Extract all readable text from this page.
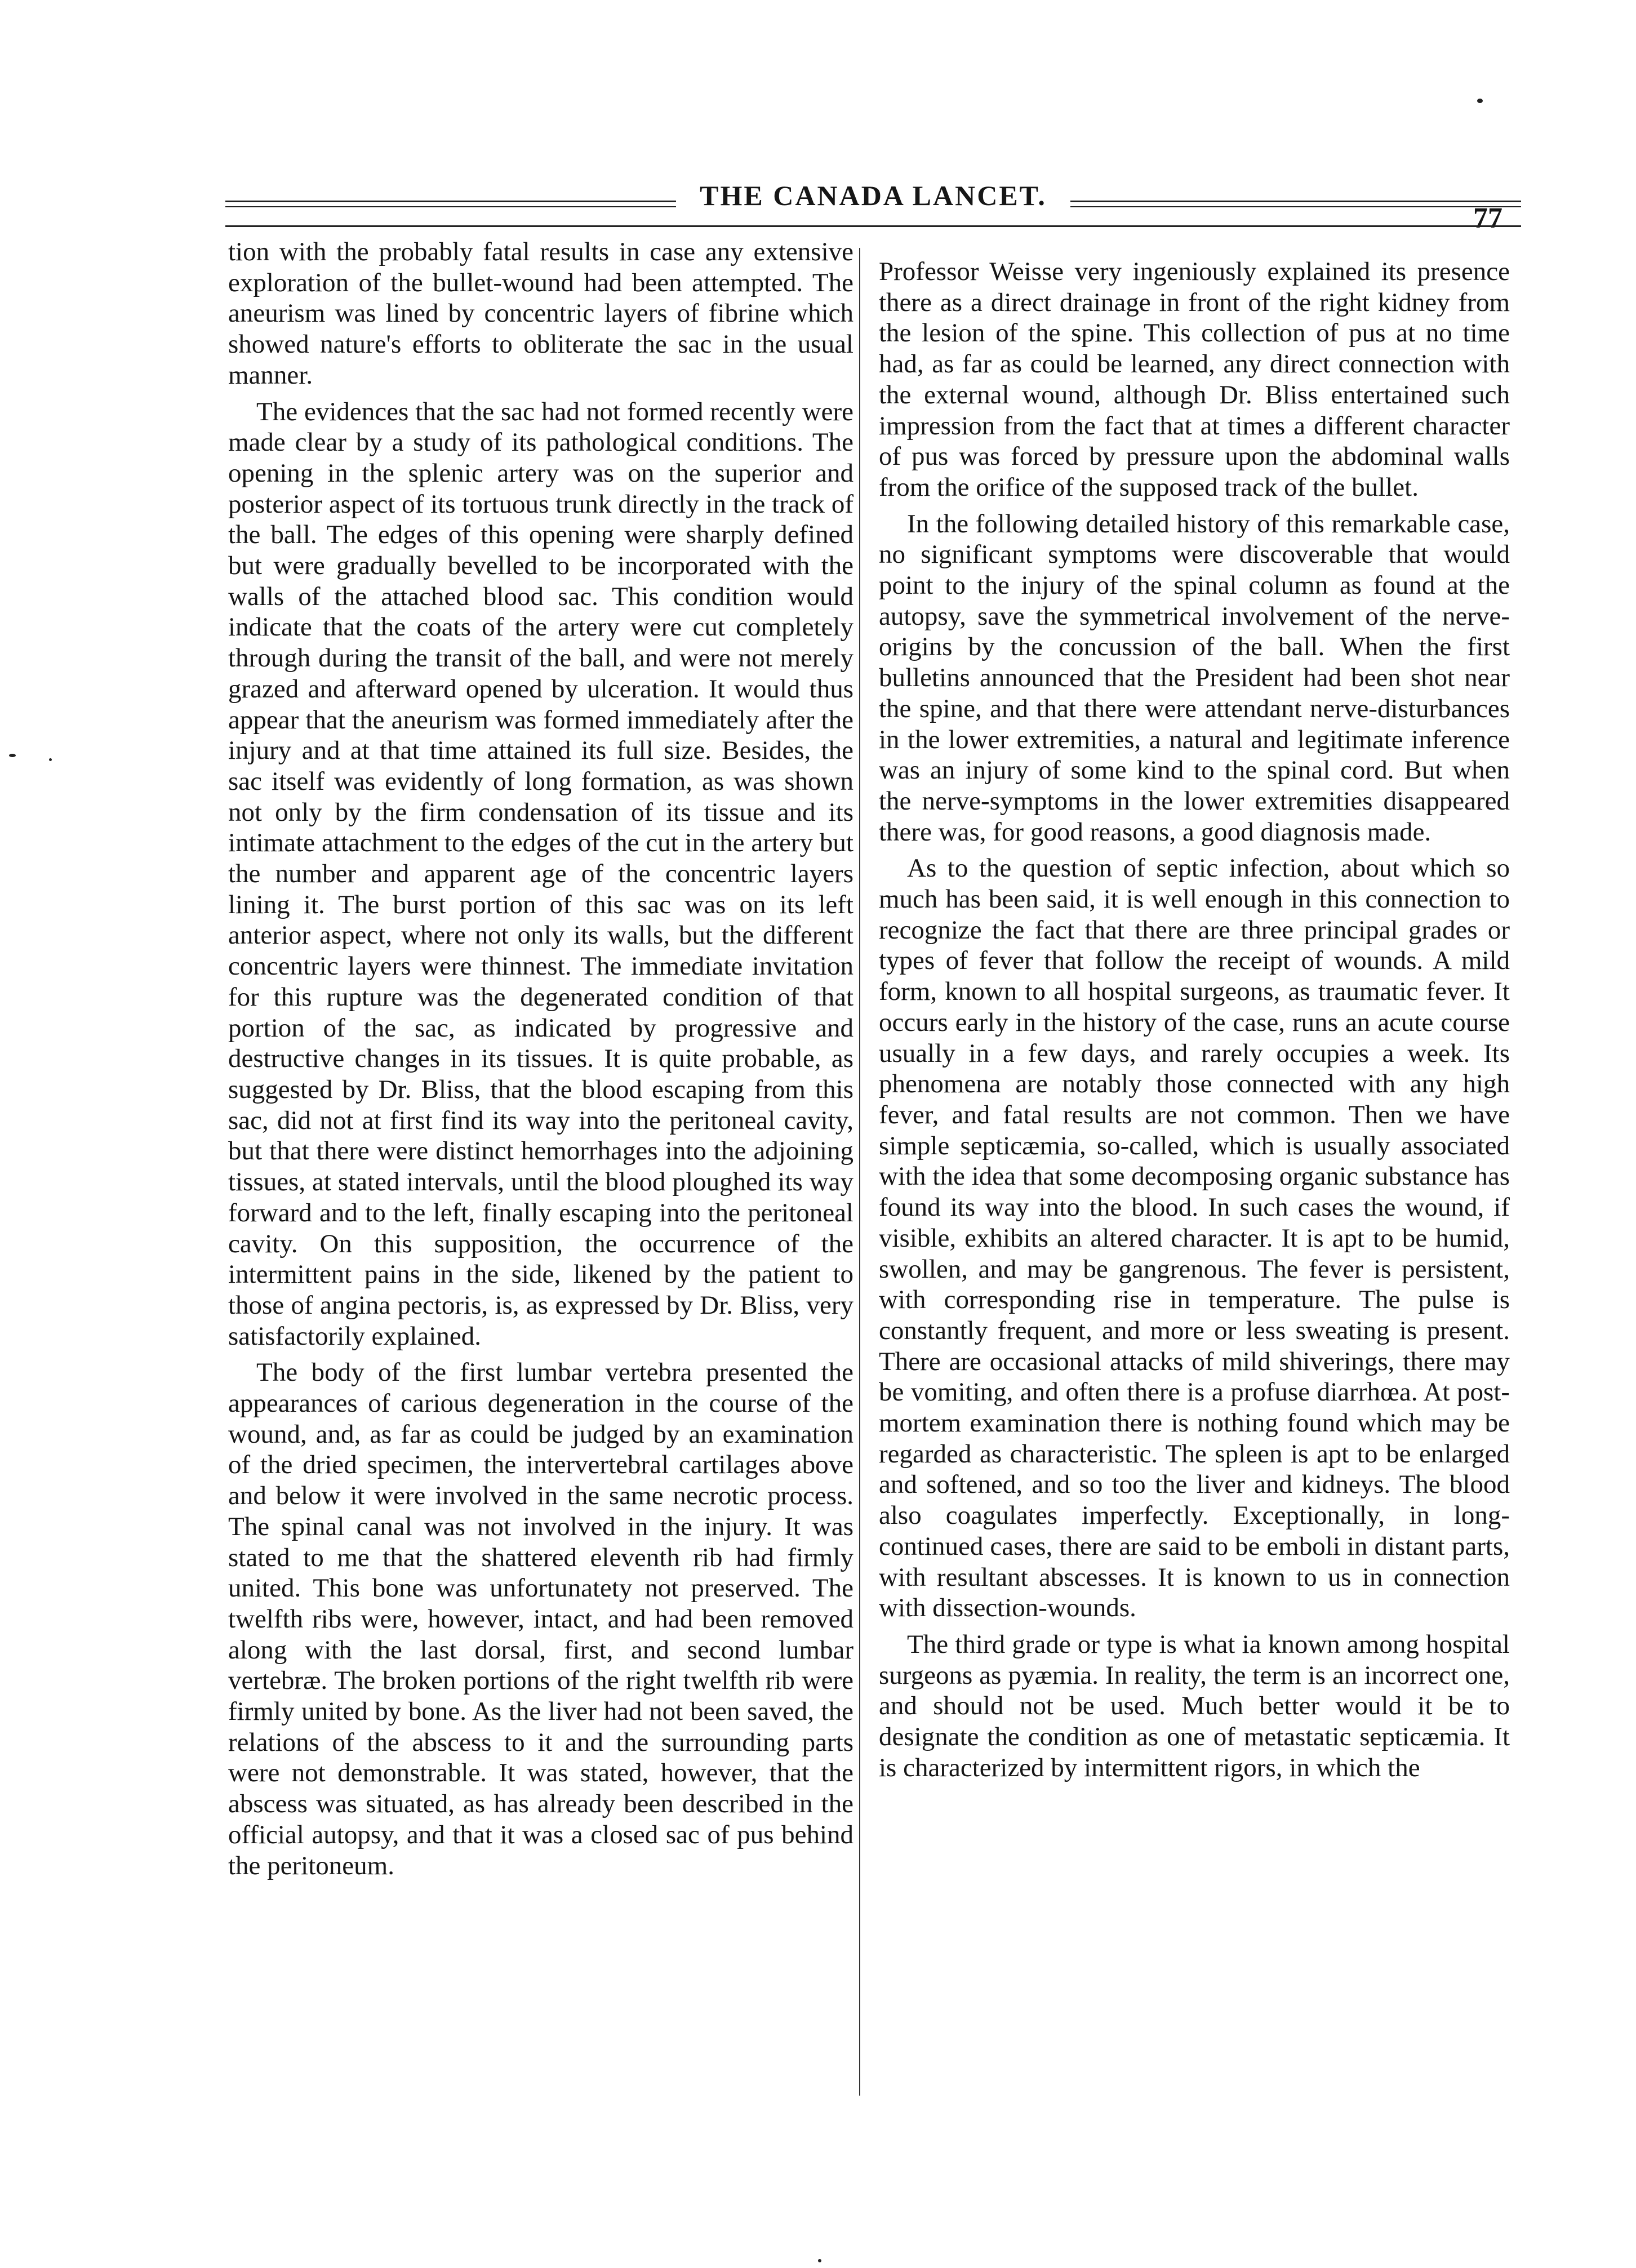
THE CANADA LANCET.
77

tion with the probably fatal results in case any extensive exploration of the bullet-wound had been attempted. The aneurism was lined by concentric layers of fibrine which showed nature's efforts to obliterate the sac in the usual manner.

The evidences that the sac had not formed recently were made clear by a study of its pathological conditions. The opening in the splenic artery was on the superior and posterior aspect of its tortuous trunk directly in the track of the ball. The edges of this opening were sharply defined but were gradually bevelled to be incorporated with the walls of the attached blood sac. This condition would indicate that the coats of the artery were cut completely through during the transit of the ball, and were not merely grazed and afterward opened by ulceration. It would thus appear that the aneurism was formed immediately after the injury and at that time attained its full size. Besides, the sac itself was evidently of long formation, as was shown not only by the firm condensation of its tissue and its intimate attachment to the edges of the cut in the artery but the number and apparent age of the concentric layers lining it. The burst portion of this sac was on its left anterior aspect, where not only its walls, but the different concentric layers were thinnest. The immediate invitation for this rupture was the degenerated condition of that portion of the sac, as indicated by progressive and destructive changes in its tissues. It is quite probable, as suggested by Dr. Bliss, that the blood escaping from this sac, did not at first find its way into the peritoneal cavity, but that there were distinct hemorrhages into the adjoining tissues, at stated intervals, until the blood ploughed its way forward and to the left, finally escaping into the peritoneal cavity. On this supposition, the occurrence of the intermittent pains in the side, likened by the patient to those of angina pectoris, is, as expressed by Dr. Bliss, very satisfactorily explained.

The body of the first lumbar vertebra presented the appearances of carious degeneration in the course of the wound, and, as far as could be judged by an examination of the dried specimen, the intervertebral cartilages above and below it were involved in the same necrotic process. The spinal canal was not involved in the injury. It was stated to me that the shattered eleventh rib had firmly united. This bone was unfortunatety not preserved. The twelfth ribs were, however, intact, and had been removed along with the last dorsal, first, and second lumbar vertebræ. The broken portions of the right twelfth rib were firmly united by bone. As the liver had not been saved, the relations of the abscess to it and the surrounding parts were not demonstrable. It was stated, however, that the abscess was situated, as has already been described in the official autopsy, and that it was a closed sac of pus behind the peritoneum.

Professor Weisse very ingeniously explained its presence there as a direct drainage in front of the right kidney from the lesion of the spine. This collection of pus at no time had, as far as could be learned, any direct connection with the external wound, although Dr. Bliss entertained such impression from the fact that at times a different character of pus was forced by pressure upon the abdominal walls from the orifice of the supposed track of the bullet.

In the following detailed history of this remarkable case, no significant symptoms were discoverable that would point to the injury of the spinal column as found at the autopsy, save the symmetrical involvement of the nerve-origins by the concussion of the ball. When the first bulletins announced that the President had been shot near the spine, and that there were attendant nerve-disturbances in the lower extremities, a natural and legitimate inference was an injury of some kind to the spinal cord. But when the nerve-symptoms in the lower extremities disappeared there was, for good reasons, a good diagnosis made.

As to the question of septic infection, about which so much has been said, it is well enough in this connection to recognize the fact that there are three principal grades or types of fever that follow the receipt of wounds. A mild form, known to all hospital surgeons, as traumatic fever. It occurs early in the history of the case, runs an acute course usually in a few days, and rarely occupies a week. Its phenomena are notably those connected with any high fever, and fatal results are not common. Then we have simple septicæmia, so-called, which is usually associated with the idea that some decomposing organic substance has found its way into the blood. In such cases the wound, if visible, exhibits an altered character. It is apt to be humid, swollen, and may be gangrenous. The fever is persistent, with corresponding rise in temperature. The pulse is constantly frequent, and more or less sweating is present. There are occasional attacks of mild shiverings, there may be vomiting, and often there is a profuse diarrhœa. At post-mortem examination there is nothing found which may be regarded as characteristic. The spleen is apt to be enlarged and softened, and so too the liver and kidneys. The blood also coagulates imperfectly. Exceptionally, in long-continued cases, there are said to be emboli in distant parts, with resultant abscesses. It is known to us in connection with dissection-wounds.

The third grade or type is what ia known among hospital surgeons as pyæmia. In reality, the term is an incorrect one, and should not be used. Much better would it be to designate the condition as one of metastatic septicæmia. It is characterized by intermittent rigors, in which the
